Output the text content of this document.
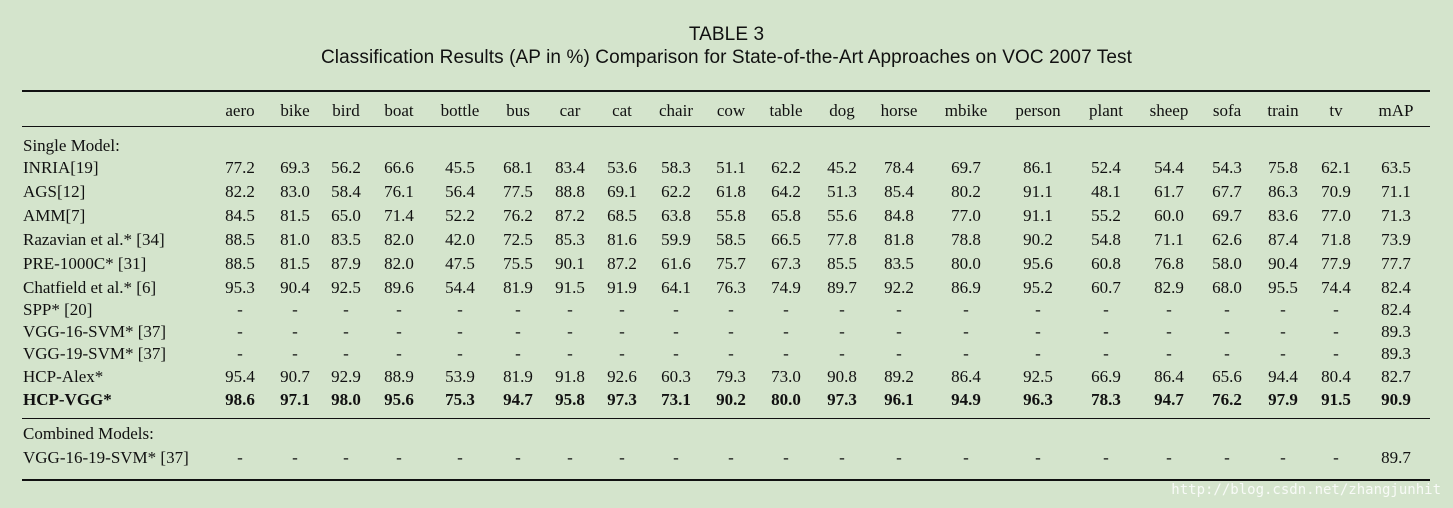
TABLE 3
Classification Results (AP in %) Comparison for State-of-the-Art Approaches on VOC 2007 Test
aero bike bird boat bottle bus car cat chair cow table dog horse mbike person plant sheep sofa train tv mAP
Single Model:
INRIA[19]	77.2 69.3 56.2 66.6 45.5 68.1 83.4 53.6 58.3 51.1 62.2 45.2 78.4 69.7 86.1 52.4 54.4 54.3 75.8 62.1 63.5
AGS[12]	82.2 83.0 58.4 76.1 56.4 77.5 88.8 69.1 62.2 61.8 64.2 51.3 85.4 80.2 91.1 48.1 61.7 67.7 86.3 70.9 71.1
AMM[7]	84.5 81.5 65.0 71.4 52.2 76.2 87.2 68.5 63.8 55.8 65.8 55.6 84.8 77.0 91.1 55.2 60.0 69.7 83.6 77.0 71.3
Razavian et al.* [34]	88.5 81.0 83.5 82.0 42.0 72.5 85.3 81.6 59.9 58.5 66.5 77.8 81.8 78.8 90.2 54.8 71.1 62.6 87.4 71.8 73.9
PRE-1000C* [31]	88.5 81.5 87.9 82.0 47.5 75.5 90.1 87.2 61.6 75.7 67.3 85.5 83.5 80.0 95.6 60.8 76.8 58.0 90.4 77.9 77.7
Chatfield et al.* [6]	95.3 90.4 92.5 89.6 54.4 81.9 91.5 91.9 64.1 76.3 74.9 89.7 92.2 86.9 95.2 60.7 82.9 68.0 95.5 74.4 82.4
SPP* [20]	-	-	-	-	-	-	-	-	-	-	-	-	-	-	-	-	-	-	-	- 82.4
VGG-16-SVM* [37]	-	-	-	-	-	-	-	-	-	-	-	-	-	-	-	-	-	-	-	- 89.3
VGG-19-SVM* [37]	-	-	-	-	-	-	-	-	-	-	-	-	-	-	-	-	-	-	-	- 89.3
HCP-Alex*	95.4 90.7 92.9 88.9 53.9 81.9 91.8 92.6 60.3 79.3 73.0 90.8 89.2 86.4 92.5 66.9 86.4 65.6 94.4 80.4 82.7
HCP-VGG*	98.6 97.1 98.0 95.6 75.3 94.7 95.8 97.3 73.1 90.2 80.0 97.3 96.1 94.9 96.3 78.3 94.7 76.2 97.9 91.5 90.9
Combined Models:
VGG-16-19-SVM* [37]	-	-	-	-	-	-	-	-	-	-	-	-	-	-	-	-	-	-	-	- 89.7
http://blog.csdn.net/zhangjunhit
